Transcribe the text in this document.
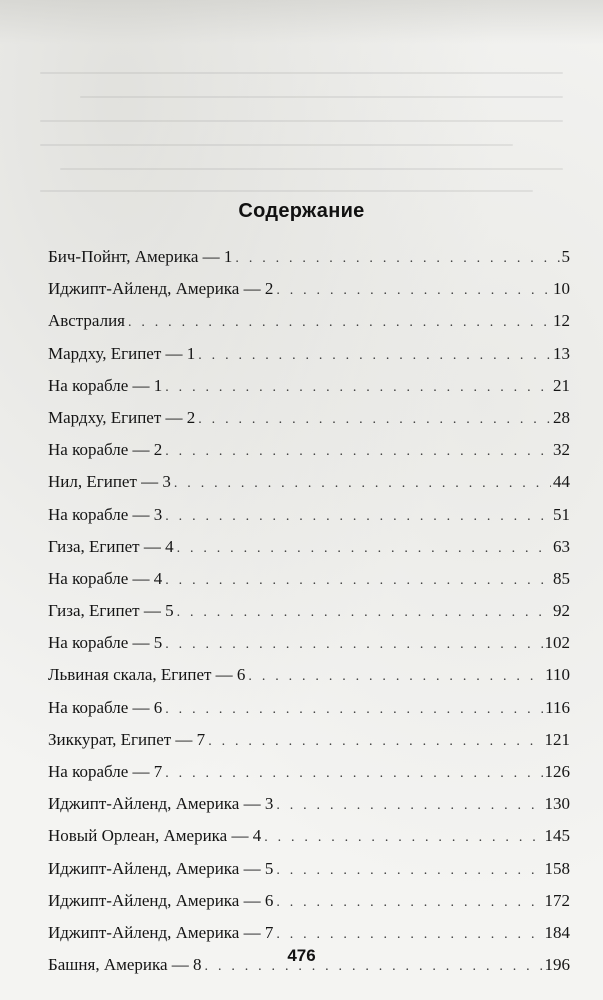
Содержание
Бич-Пойнт, Америка — 1 . . .	5
Иджипт-Айленд, Америка — 2 . . .	10
Австралия . . .	12
Мардху, Египет — 1 . . .	13
На корабле — 1 . . .	21
Мардху, Египет — 2 . . .	28
На корабле — 2 . . .	32
Нил, Египет — 3 . . .	44
На корабле — 3 . . .	51
Гиза, Египет — 4 . . .	63
На корабле — 4 . . .	85
Гиза, Египет — 5 . . .	92
На корабле — 5 . . .	102
Львиная скала, Египет — 6 . . .	110
На корабле — 6 . . .	116
Зиккурат, Египет — 7 . . .	121
На корабле — 7 . . .	126
Иджипт-Айленд, Америка — 3 . . .	130
Новый Орлеан, Америка — 4 . . .	145
Иджипт-Айленд, Америка — 5 . . .	158
Иджипт-Айленд, Америка — 6 . . .	172
Иджипт-Айленд, Америка — 7 . . .	184
Башня, Америка — 8 . . .	196
476
